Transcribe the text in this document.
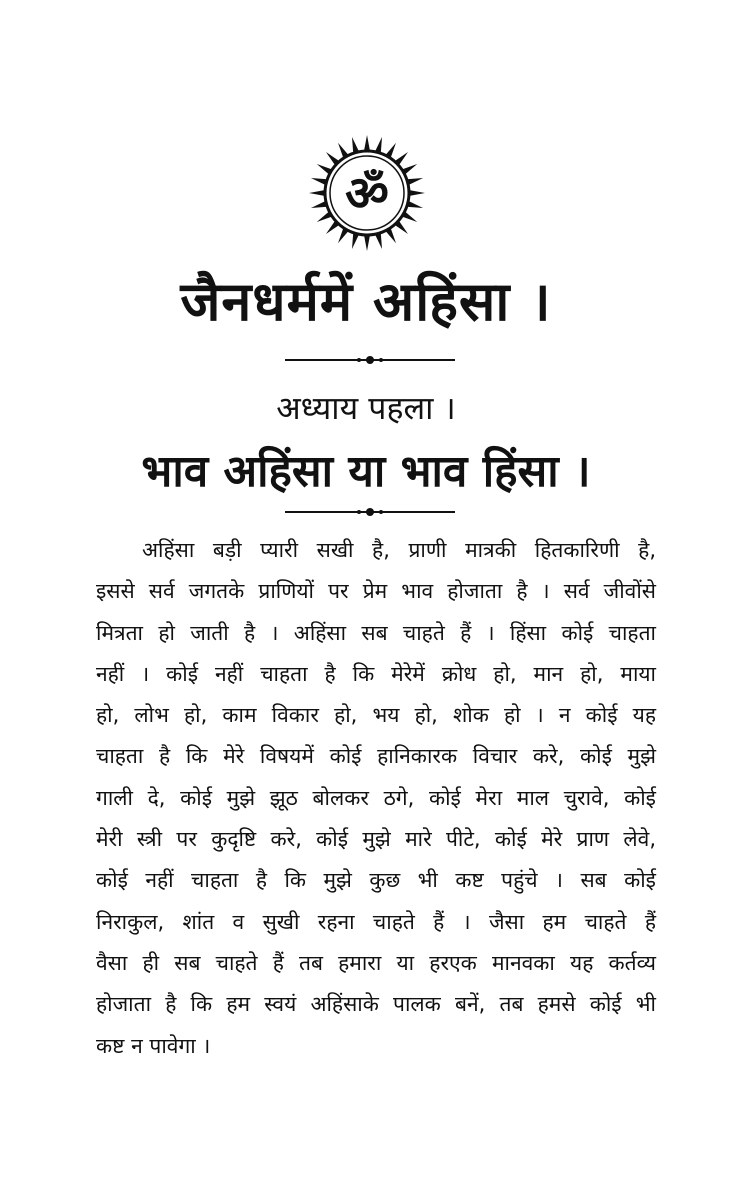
ॐ
जैनधर्ममें अहिंसा ।
अध्याय पहला ।
भाव अहिंसा या भाव हिंसा ।
अहिंसा बड़ी प्यारी सखी है, प्राणी मात्रकी हितकारिणी है,
इससे सर्व जगतके प्राणियों पर प्रेम भाव होजाता है । सर्व जीवोंसे
मित्रता हो जाती है । अहिंसा सब चाहते हैं । हिंसा कोई चाहता
नहीं । कोई नहीं चाहता है कि मेरेमें क्रोध हो, मान हो, माया
हो, लोभ हो, काम विकार हो, भय हो, शोक हो । न कोई यह
चाहता है कि मेरे विषयमें कोई हानिकारक विचार करे, कोई मुझे
गाली दे, कोई मुझे झूठ बोलकर ठगे, कोई मेरा माल चुरावे, कोई
मेरी स्त्री पर कुदृष्टि करे, कोई मुझे मारे पीटे, कोई मेरे प्राण लेवे,
कोई नहीं चाहता है कि मुझे कुछ भी कष्ट पहुंचे । सब कोई
निराकुल, शांत व सुखी रहना चाहते हैं । जैसा हम चाहते हैं
वैसा ही सब चाहते हैं तब हमारा या हरएक मानवका यह कर्तव्य
होजाता है कि हम स्वयं अहिंसाके पालक बनें, तब हमसे कोई भी
कष्ट न पावेगा ।
